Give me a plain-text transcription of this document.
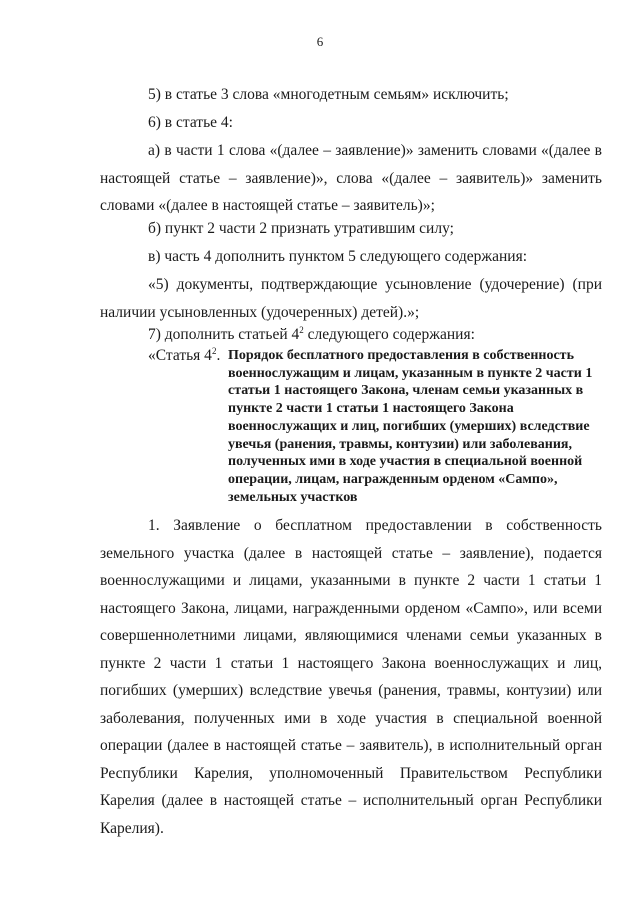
6
5) в статье 3 слова «многодетным семьям» исключить;
6) в статье 4:

а) в части 1 слова «(далее – заявление)» заменить словами «(далее в настоящей статье – заявление)», слова «(далее – заявитель)» заменить словами «(далее в настоящей статье – заявитель)»;

б) пункт 2 части 2 признать утратившим силу;
в) часть 4 дополнить пунктом 5 следующего содержания:

«5) документы, подтверждающие усыновление (удочерение) (при наличии усыновленных (удочеренных) детей).»;

7) дополнить статьей $4^2$ следующего содержания:
«Статья $4^2$. Порядок бесплатного предоставления в собственность военнослужащим и лицам, указанным в пункте 2 части 1 статьи 1 настоящего Закона, членам семьи указанных в пункте 2 части 1 статьи 1 настоящего Закона военнослужащих и лиц, погибших (умерших) вследствие увечья (ранения, травмы, контузии) или заболевания, полученных ими в ходе участия в специальной военной операции, лицам, награжденным орденом «Сампо», земельных участков

1. Заявление о бесплатном предоставлении в собственность земельного участка (далее в настоящей статье – заявление), подается военнослужащими и лицами, указанными в пункте 2 части 1 статьи 1 настоящего Закона, лицами, награжденными орденом «Сампо», или всеми совершеннолетними лицами, являющимися членами семьи указанных в пункте 2 части 1 статьи 1 настоящего Закона военнослужащих и лиц, погибших (умерших) вследствие увечья (ранения, травмы, контузии) или заболевания, полученных ими в ходе участия в специальной военной операции (далее в настоящей статье – заявитель), в исполнительный орган Республики Карелия, уполномоченный Правительством Республики Карелия (далее в настоящей статье – исполнительный орган Республики Карелия).
